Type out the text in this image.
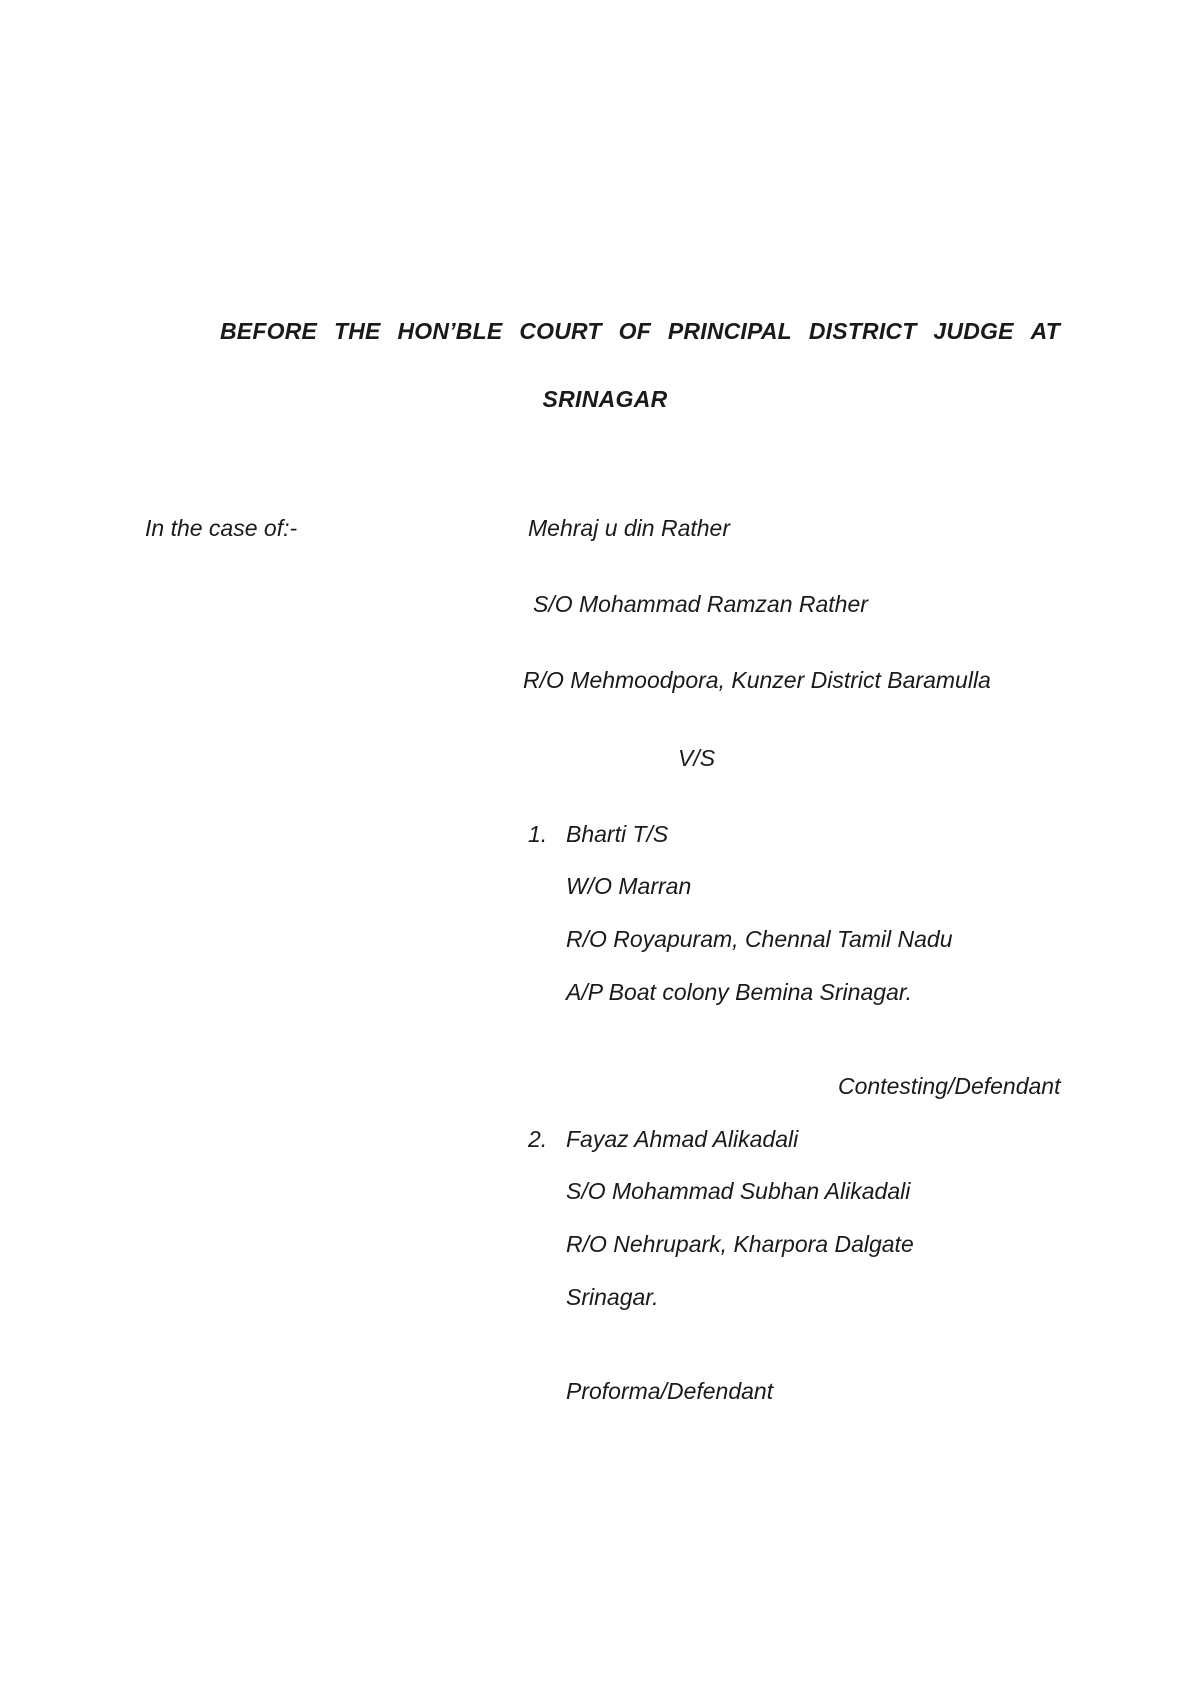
BEFORE THE HON’BLE COURT OF PRINCIPAL DISTRICT JUDGE AT
SRINAGAR
In the case of:-	Mehraj u din Rather
S/O Mohammad Ramzan Rather
R/O Mehmoodpora, Kunzer District Baramulla
V/S
1. Bharti T/S
W/O Marran
R/O Royapuram, Chennal Tamil Nadu
A/P Boat colony Bemina Srinagar.
Contesting/Defendant
2. Fayaz Ahmad Alikadali
S/O Mohammad Subhan Alikadali
R/O Nehrupark, Kharpora Dalgate
Srinagar.
Proforma/Defendant
